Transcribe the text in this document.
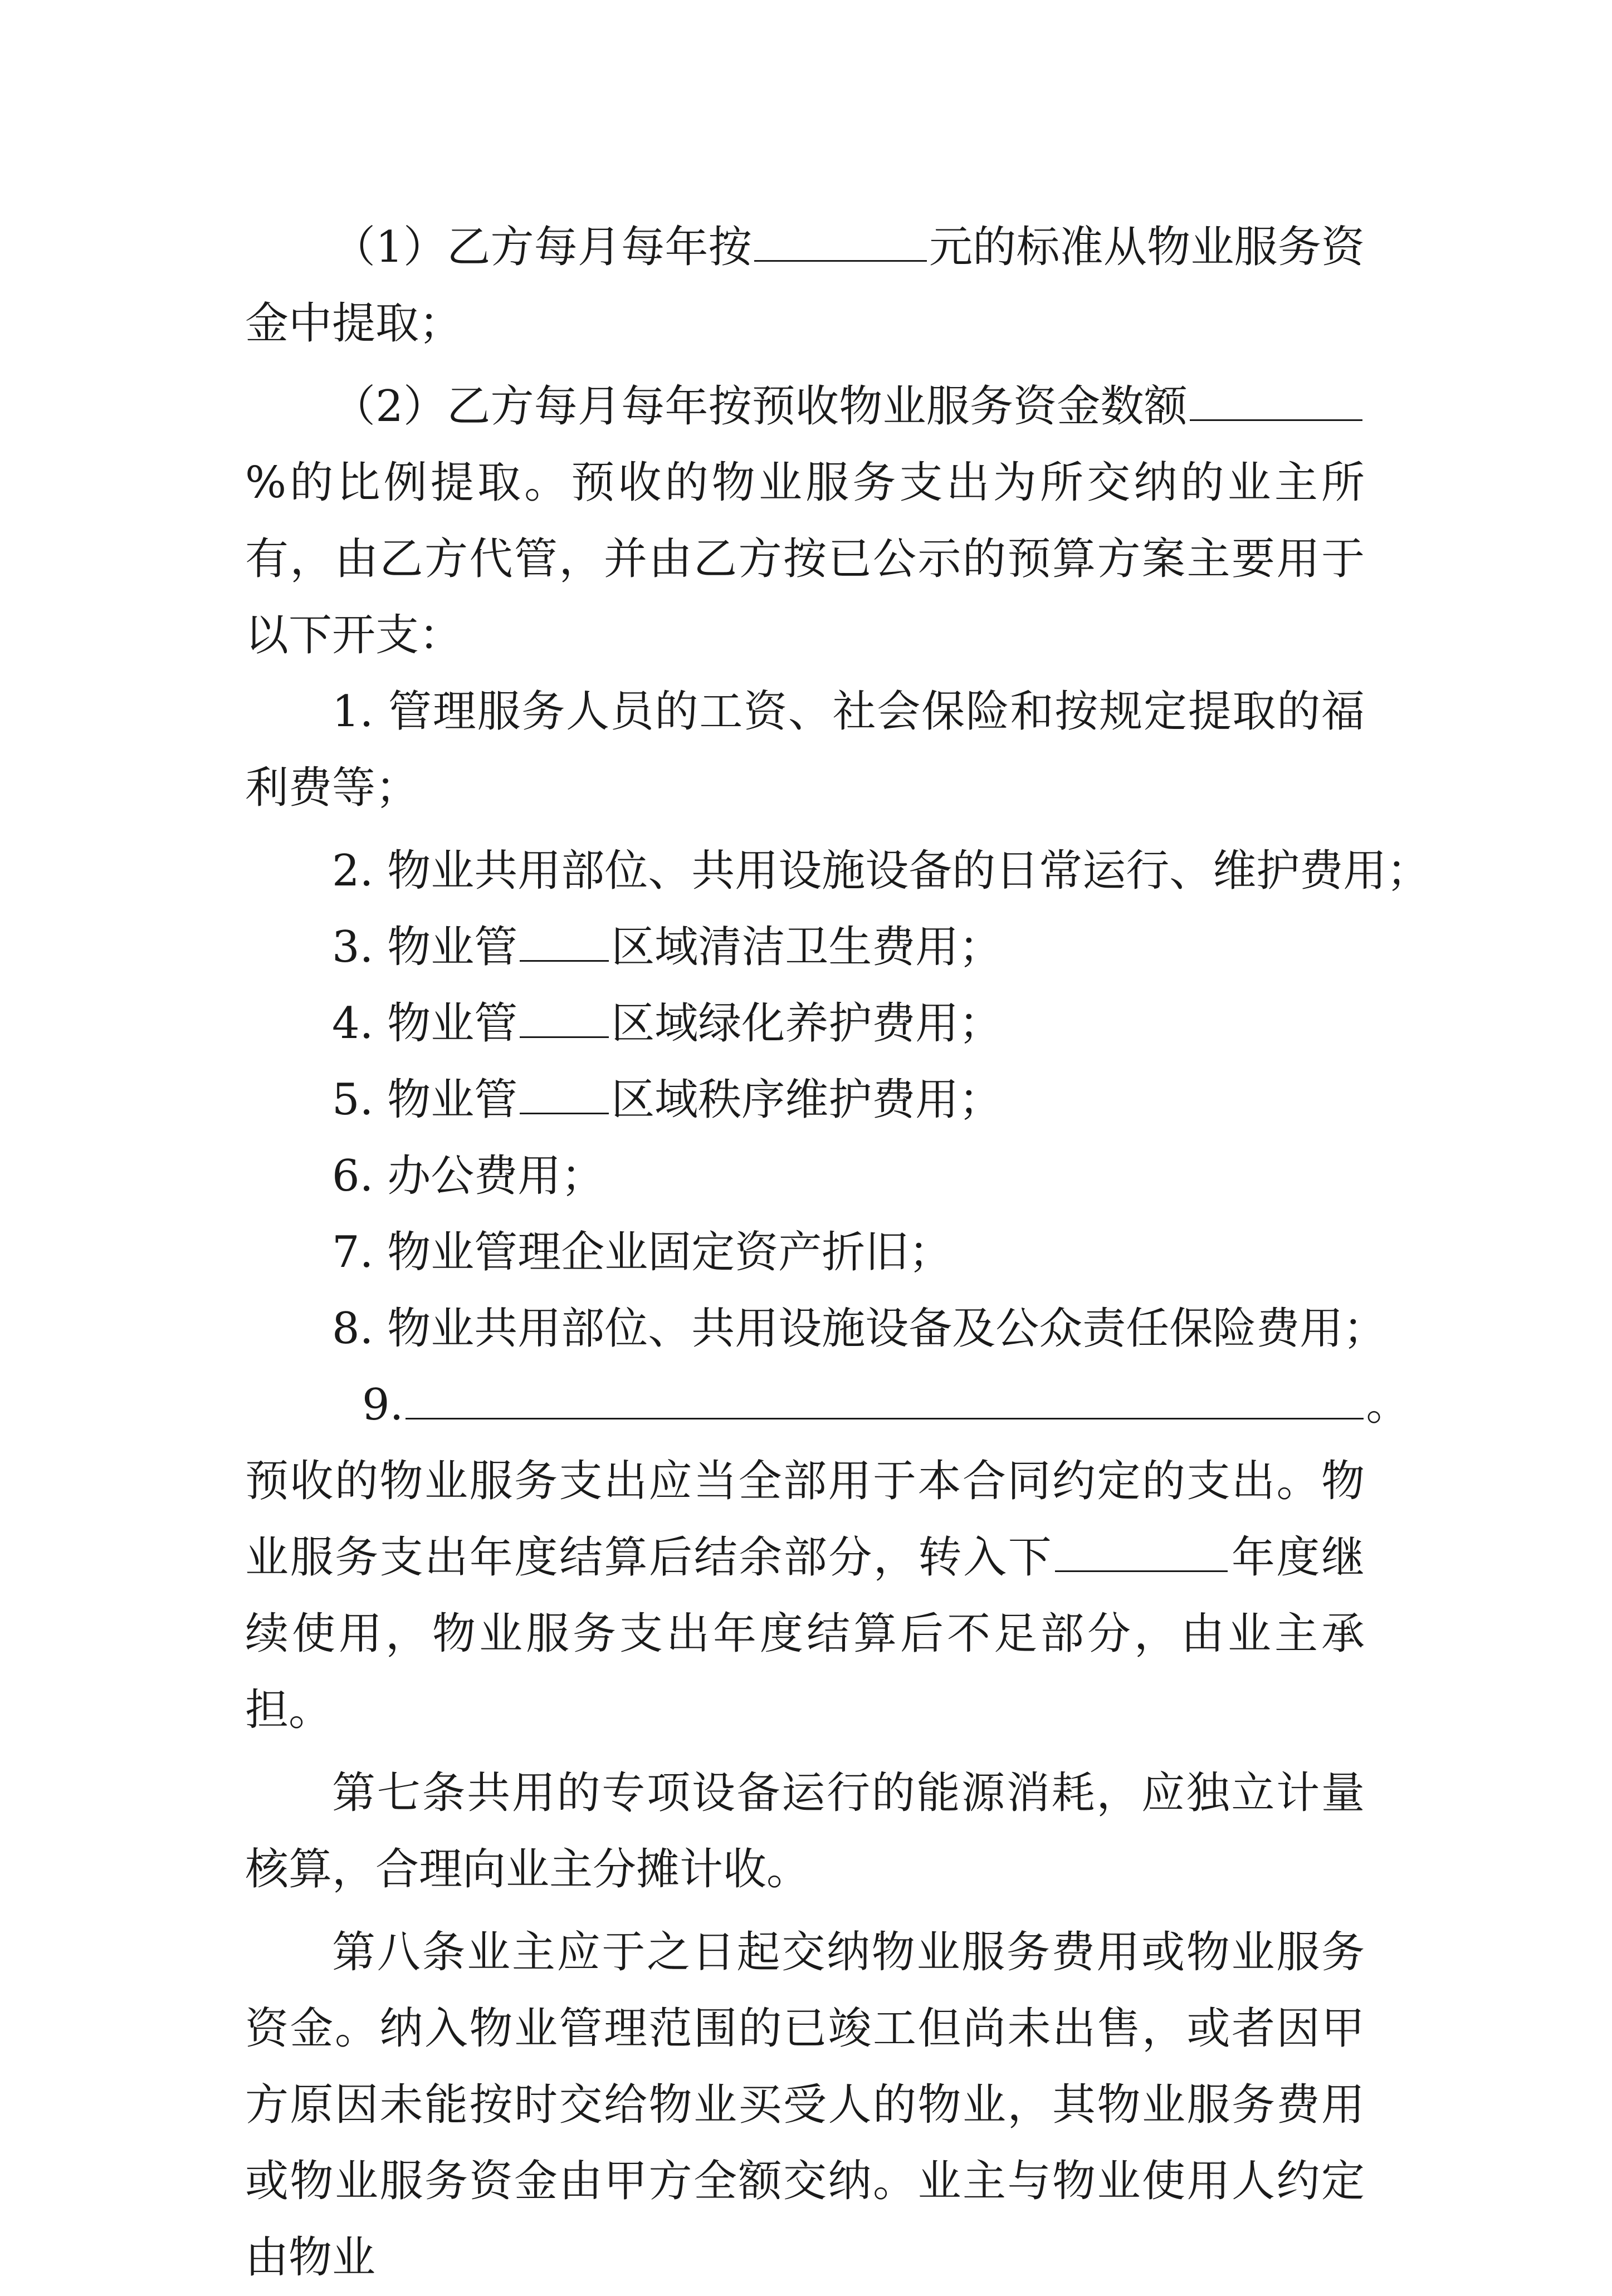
（1）乙方每月每年按	元的标准从物业服务资金中提取；

（2）乙方每月每年按预收物业服务资金数额%的比例提取。预收的物业服务支出为所交纳的业主所有，由乙方代管，并由乙方按已公示的预算方案主要用于以下开支：

1. 管理服务人员的工资、社会保险和按规定提取的福利费等；

2. 物业共用部位、共用设施设备的日常运行、维护费用；

3. 物业管 区域清洁卫生费用；

4. 物业管 区域绿化养护费用；

5. 物业管 区域秩序维护费用；

6. 办公费用；

7. 物业管理企业固定资产折旧；

8. 物业共用部位、共用设施设备及公众责任保险费用；

9.	。

预收的物业服务支出应当全部用于本合同约定的支出。物业服务支出年度结算后结余部分，转入下	年度继续使用，物业服务支出年度结算后不足部分，由业主承担。

第七条共用的专项设备运行的能源消耗，应独立计量核算，合理向业主分摊计收。

第八条业主应于之日起交纳物业服务费用或物业服务资金。纳入物业管理范围的已竣工但尚未出售，或者因甲方原因未能按时交给物业买受人的物业，其物业服务费用或物业服务资金由甲方全额交纳。业主与物业使用人约定由物业
